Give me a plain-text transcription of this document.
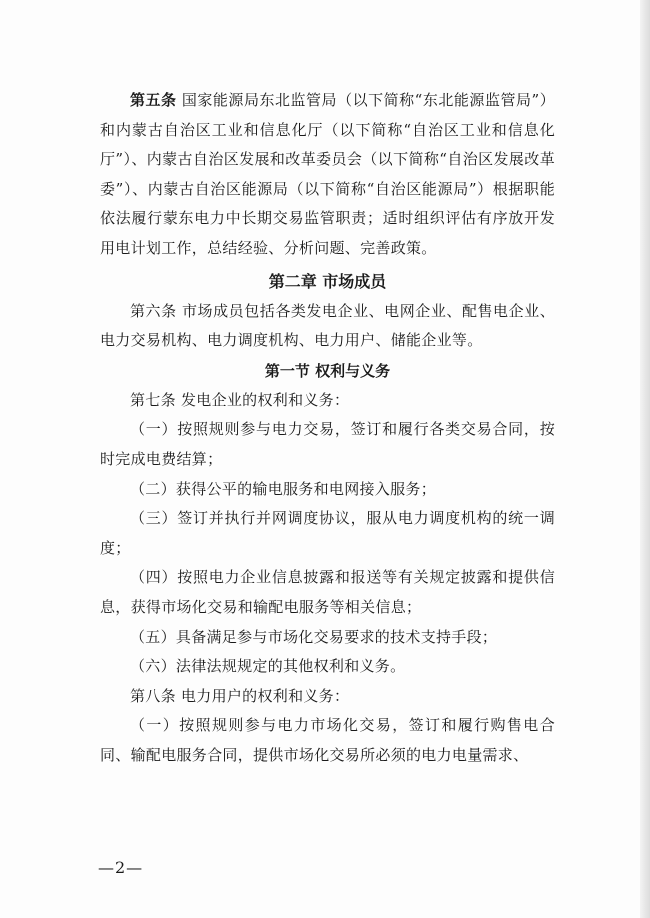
第五条 国家能源局东北监管局（以下简称“东北能源监管局”）和内蒙古自治区工业和信息化厅（以下简称“自治区工业和信息化厅”）、内蒙古自治区发展和改革委员会（以下简称“自治区发展改革委”）、内蒙古自治区能源局（以下简称“自治区能源局”）根据职能依法履行蒙东电力中长期交易监管职责；适时组织评估有序放开发用电计划工作，总结经验、分析问题、完善政策。

第二章 市场成员

第六条 市场成员包括各类发电企业、电网企业、配售电企业、电力交易机构、电力调度机构、电力用户、储能企业等。

第一节 权利与义务

第七条 发电企业的权利和义务：

（一）按照规则参与电力交易，签订和履行各类交易合同，按时完成电费结算；

（二）获得公平的输电服务和电网接入服务；

（三）签订并执行并网调度协议，服从电力调度机构的统一调度；

（四）按照电力企业信息披露和报送等有关规定披露和提供信息，获得市场化交易和输配电服务等相关信息；

（五）具备满足参与市场化交易要求的技术支持手段；

（六）法律法规规定的其他权利和义务。

第八条 电力用户的权利和义务：

（一）按照规则参与电力市场化交易，签订和履行购售电合同、输配电服务合同，提供市场化交易所必须的电力电量需求、

—2—
